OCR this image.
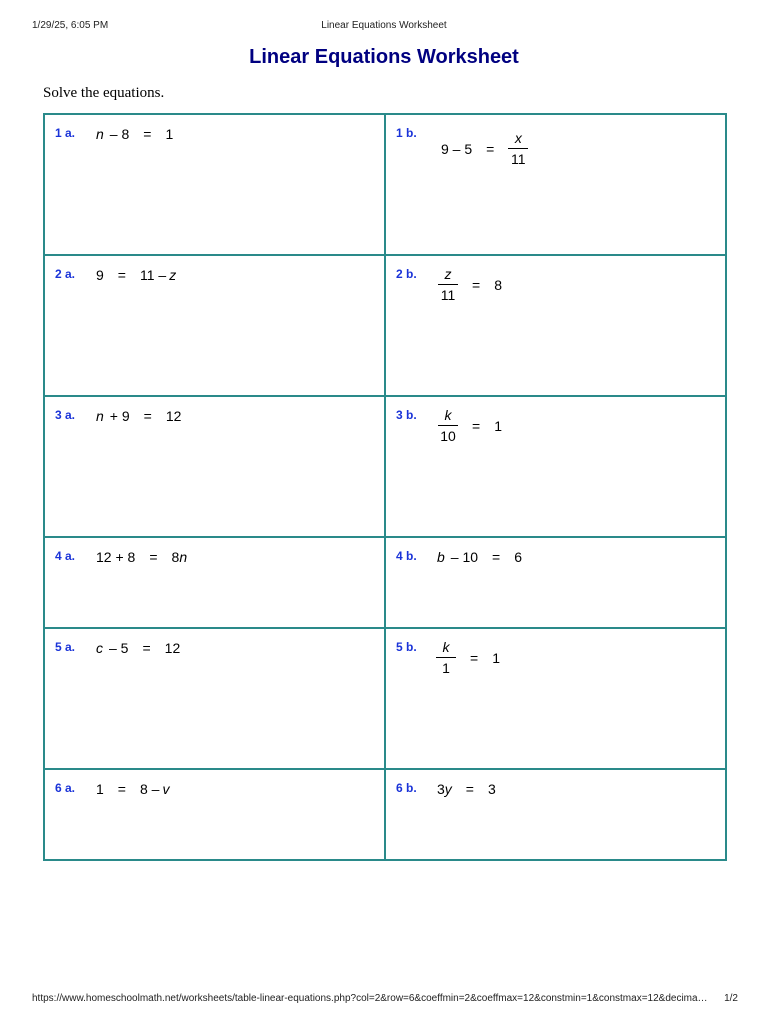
1/29/25, 6:05 PM	Linear Equations Worksheet
Linear Equations Worksheet
Solve the equations.
1 a. n – 8 = 1	1 $b.9 - 5 = \frac{x}{11}$

2 a. 9 = 11 – z	2 b. $\frac{z}{11} = 8$

3 a. n + 9 = 12	3 b. $\frac{k}{10} = 1$

4 a. 12 + 8 = 8n	4 b. b – 10 = 6

5 a. c – 5 = 12	5 b. $\frac{k}{1} = 1$

6 a. 1 = 8 – v	6 b. 3y = 3
https://www.homeschoolmath.net/worksheets/table-linear-equations.php?col=2&row=6&coeffmin=2&coeffmax=12&constmin=1&constmax=12&decima…	1/2
